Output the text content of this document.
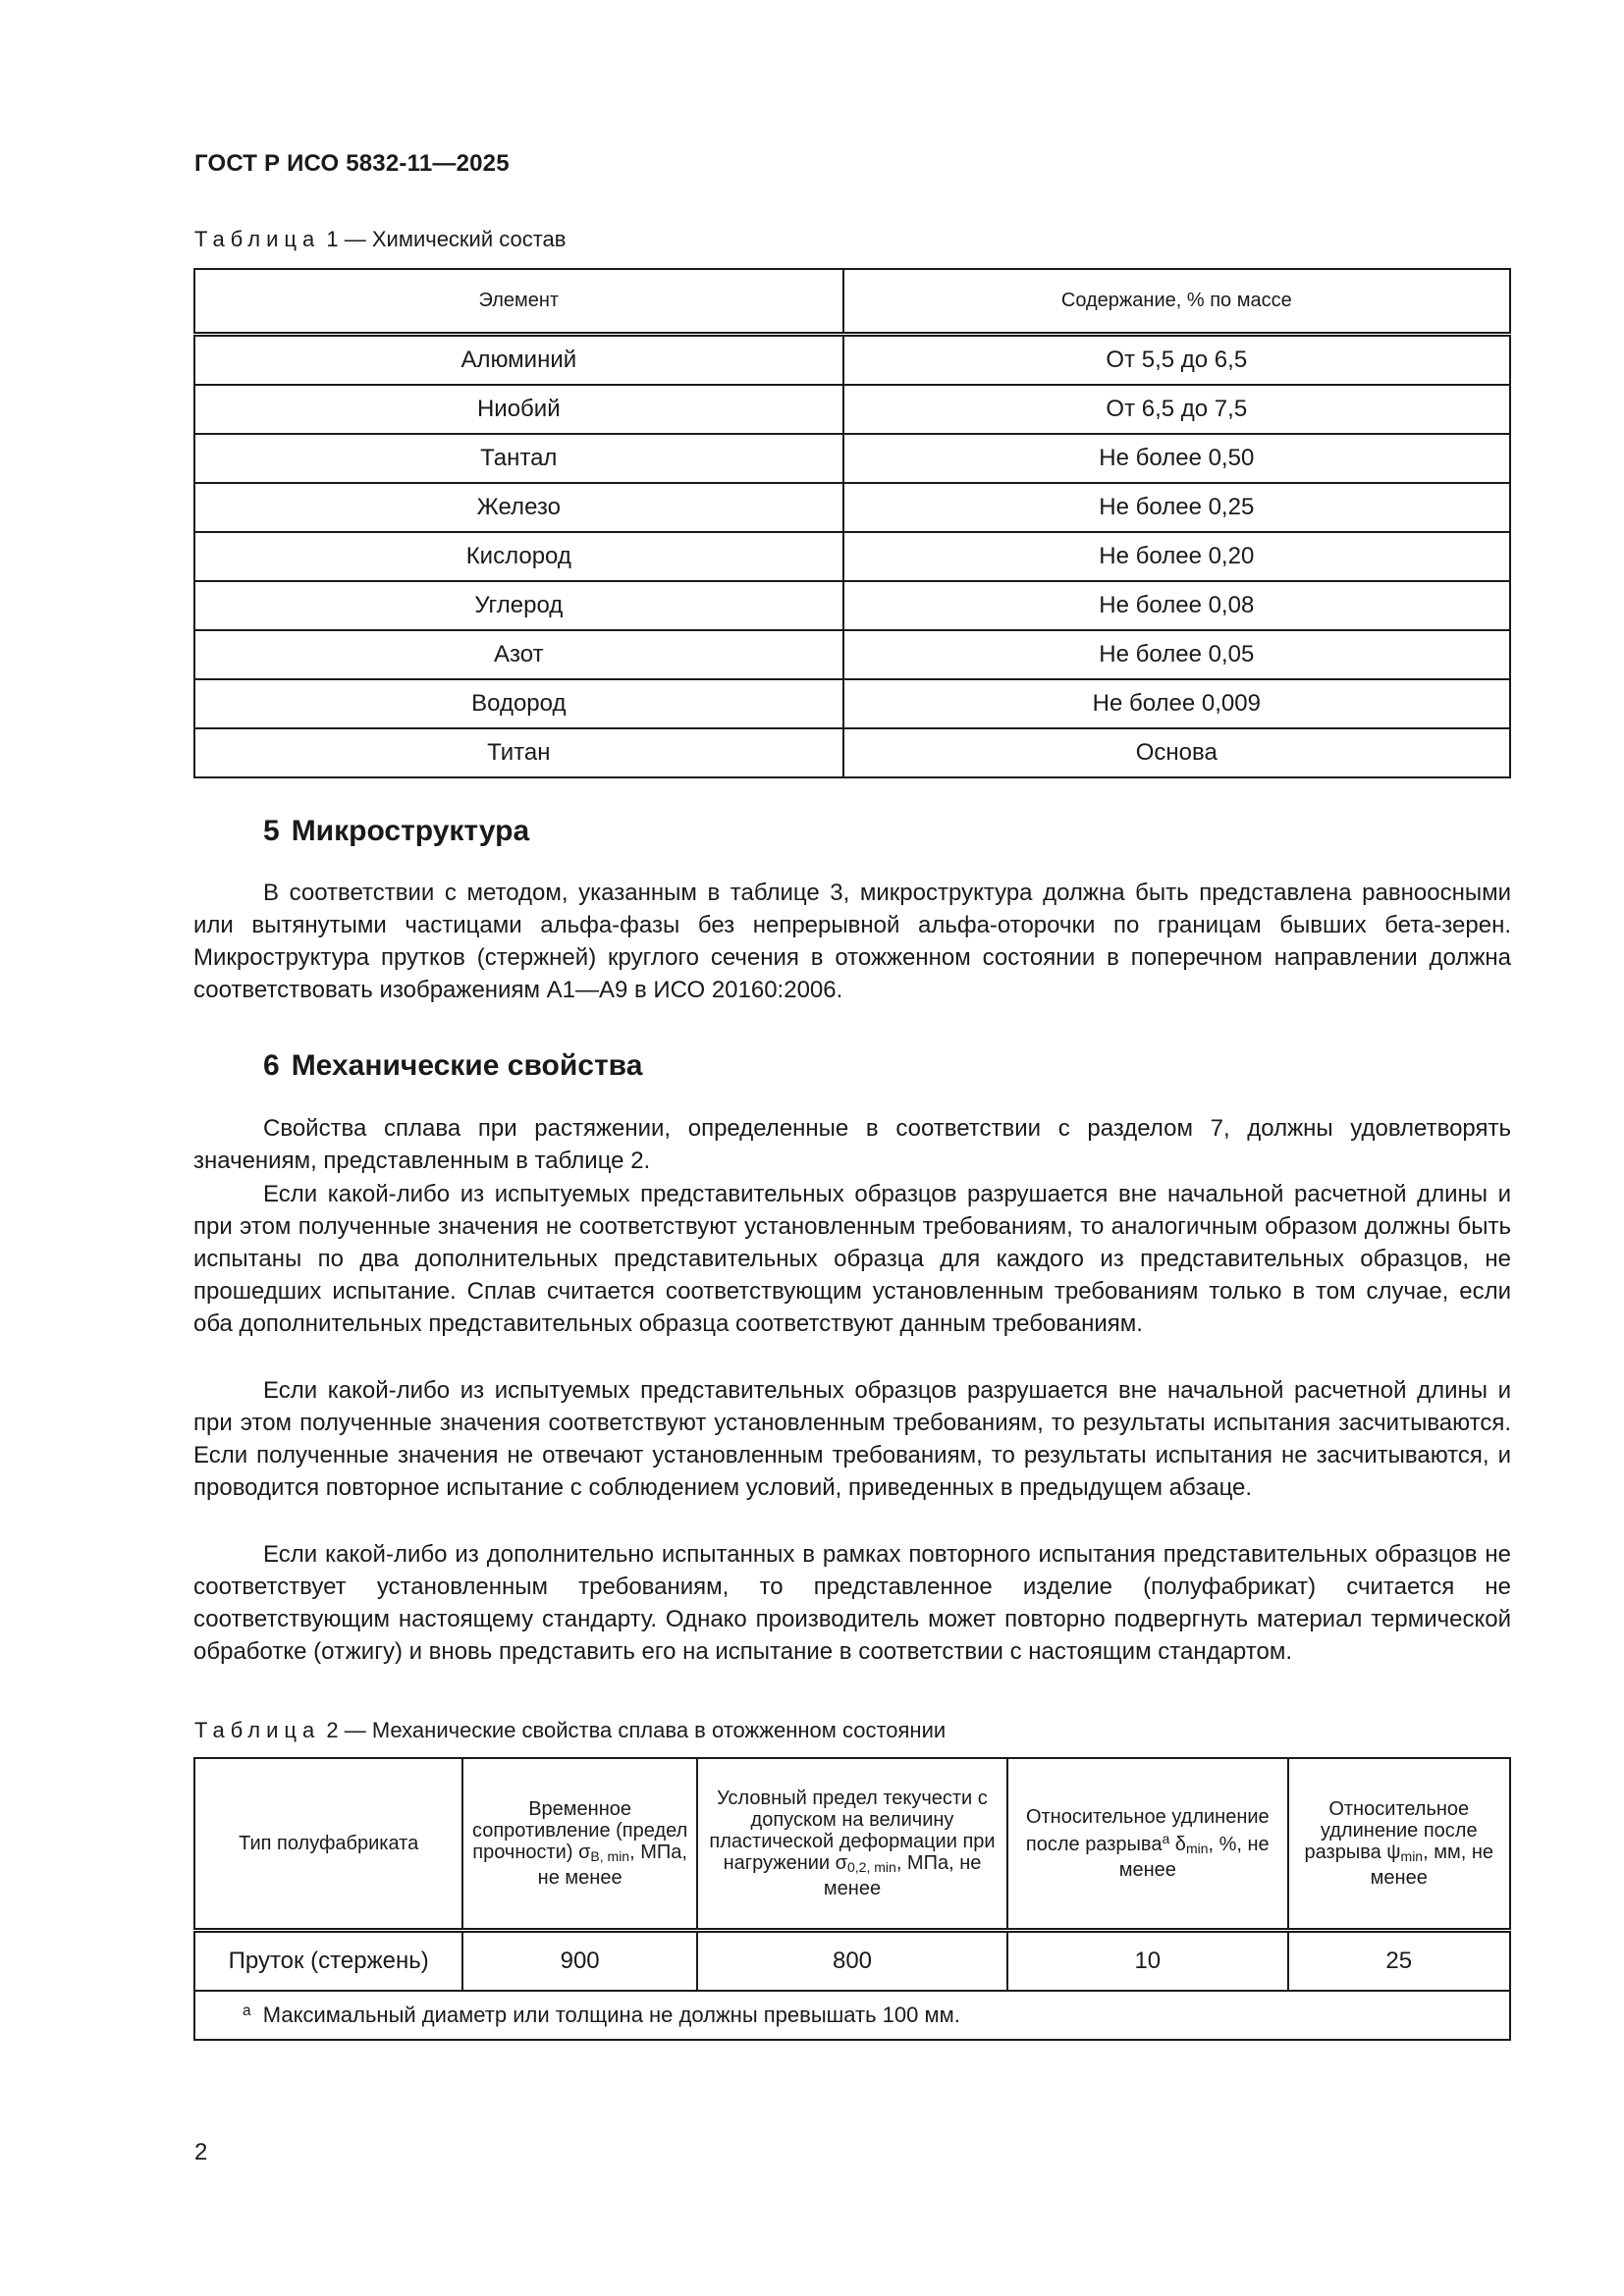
ГОСТ Р ИСО 5832-11—2025
Таблица 1 — Химический состав
Элемент	Содержание, % по массе
Алюминий	От 5,5 до 6,5
Ниобий	От 6,5 до 7,5
Тантал	Не более 0,50
Железо	Не более 0,25
Кислород	Не более 0,20
Углерод	Не более 0,08
Азот	Не более 0,05
Водород	Не более 0,009
Титан	Основа
5 Микроструктура

В соответствии с методом, указанным в таблице 3, микроструктура должна быть представлена равноосными или вытянутыми частицами альфа-фазы без непрерывной альфа-оторочки по границам бывших бета-зерен. Микроструктура прутков (стержней) круглого сечения в отожженном состоянии в поперечном направлении должна соответствовать изображениям А1—А9 в ИСО 20160:2006.

6 Механические свойства

Свойства сплава при растяжении, определенные в соответствии с разделом 7, должны удовлетворять значениям, представленным в таблице 2.

Если какой-либо из испытуемых представительных образцов разрушается вне начальной расчетной длины и при этом полученные значения не соответствуют установленным требованиям, то аналогичным образом должны быть испытаны по два дополнительных представительных образца для каждого из представительных образцов, не прошедших испытание. Сплав считается соответствующим установленным требованиям только в том случае, если оба дополнительных представительных образца соответствуют данным требованиям.

Если какой-либо из испытуемых представительных образцов разрушается вне начальной расчетной длины и при этом полученные значения соответствуют установленным требованиям, то результаты испытания засчитываются. Если полученные значения не отвечают установленным требованиям, то результаты испытания не засчитываются, и проводится повторное испытание с соблюдением условий, приведенных в предыдущем абзаце.

Если какой-либо из дополнительно испытанных в рамках повторного испытания представительных образцов не соответствует установленным требованиям, то представленное изделие (полуфабрикат) считается не соответствующим настоящему стандарту. Однако производитель может повторно подвергнуть материал термической обработке (отжигу) и вновь представить его на испытание в соответствии с настоящим стандартом.

Таблица 2 — Механические свойства сплава в отожженном состоянии
Тип полуфабриката	Временное сопротивление (предел прочности) $\sigma_{B, min}$, МПа, не менее	Условный предел текучести с допуском на величину пластической деформации при нагружении $\sigma_{0,2, min}$, МПа, не менее	Относительное удлинение после разрыва$^a$ $\delta_{min}$, %, не менее	Относительное удлинение после разрыва $\psi_{min}$, мм, не менее
Пруток (стержень)	900	800	10	25
$^a$ Максимальный диаметр или толщина не должны превышать 100 мм.				
2
